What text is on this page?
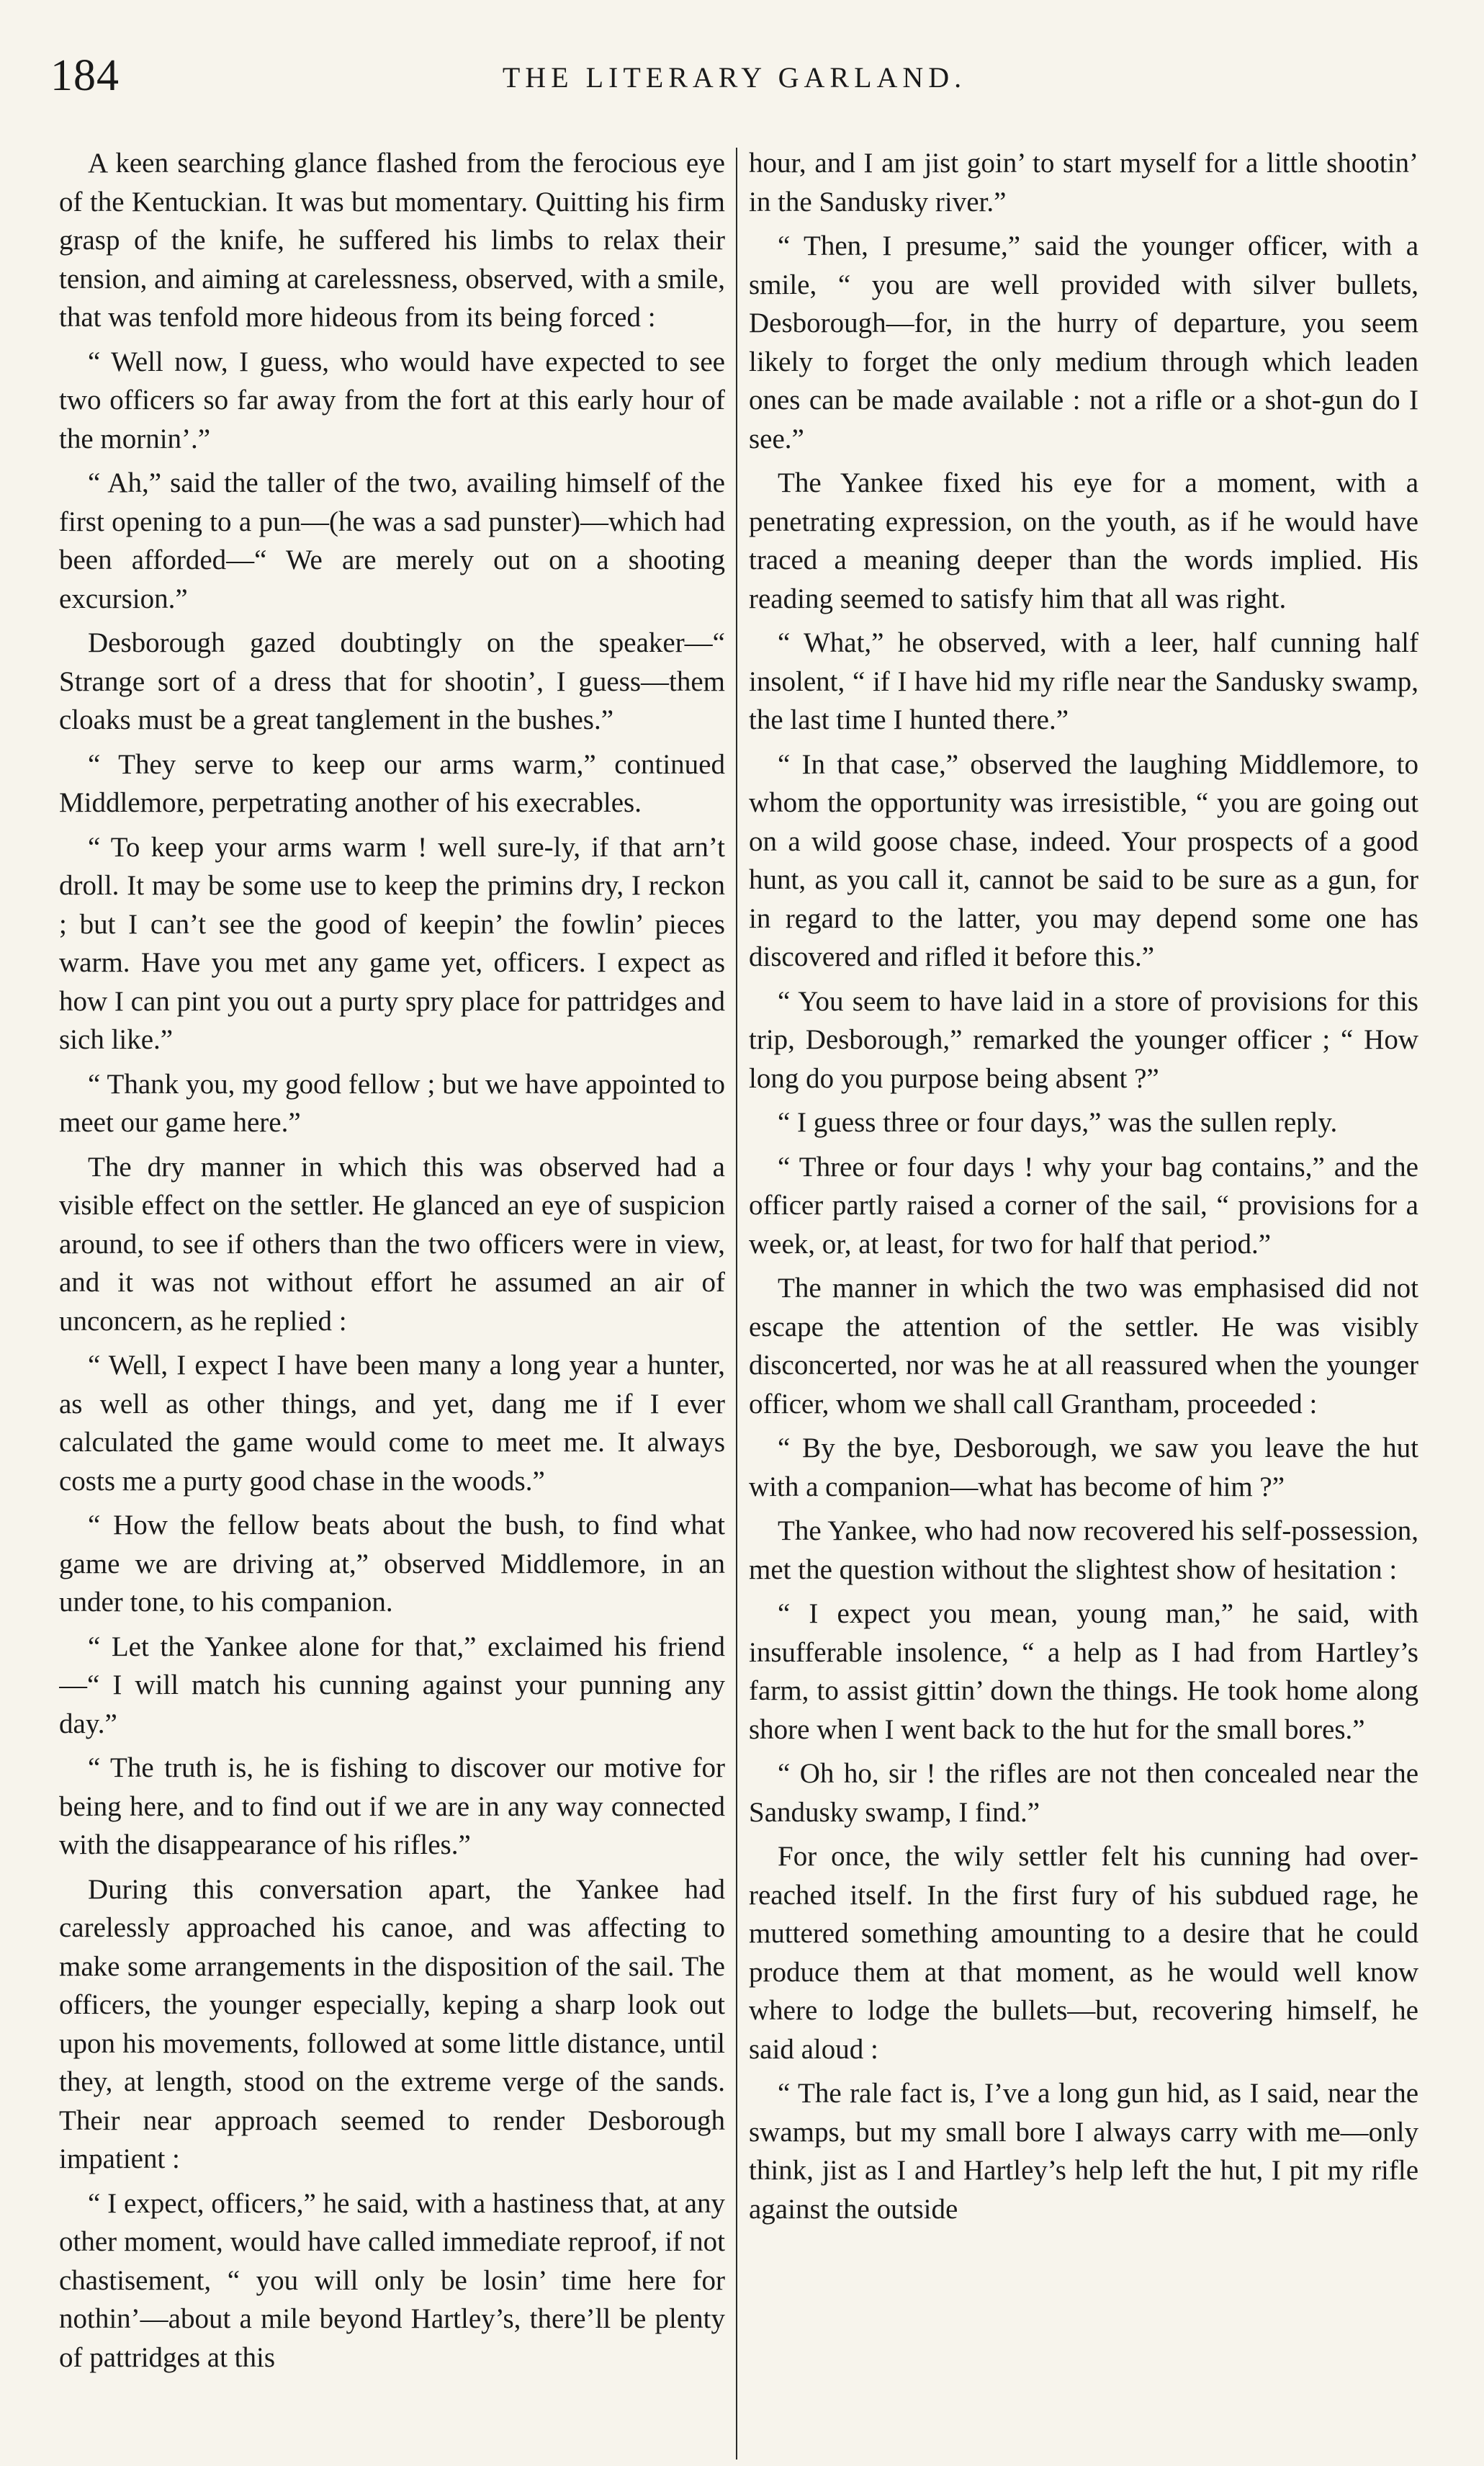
184	THE LITERARY GARLAND.

A keen searching glance flashed from the ferocious eye of the Kentuckian. It was but momentary. Quitting his firm grasp of the knife, he suffered his limbs to relax their tension, and aiming at carelessness, observed, with a smile, that was tenfold more hideous from its being forced :

“ Well now, I guess, who would have expected to see two officers so far away from the fort at this early hour of the mornin’.”

“ Ah,” said the taller of the two, availing himself of the first opening to a pun—(he was a sad punster)—which had been afforded—“ We are merely out on a shooting excursion.”

Desborough gazed doubtingly on the speaker—“ Strange sort of a dress that for shootin’, I guess—them cloaks must be a great tanglement in the bushes.”

“ They serve to keep our arms warm,” continued Middlemore, perpetrating another of his execrables.

“ To keep your arms warm ! well sure-ly, if that arn’t droll. It may be some use to keep the primins dry, I reckon ; but I can’t see the good of keepin’ the fowlin’ pieces warm. Have you met any game yet, officers. I expect as how I can pint you out a purty spry place for pattridges and sich like.”

“ Thank you, my good fellow ; but we have appointed to meet our game here.”

The dry manner in which this was observed had a visible effect on the settler. He glanced an eye of suspicion around, to see if others than the two officers were in view, and it was not without effort he assumed an air of unconcern, as he replied :

“ Well, I expect I have been many a long year a hunter, as well as other things, and yet, dang me if I ever calculated the game would come to meet me. It always costs me a purty good chase in the woods.”

“ How the fellow beats about the bush, to find what game we are driving at,” observed Middlemore, in an under tone, to his companion.

“ Let the Yankee alone for that,” exclaimed his friend—“ I will match his cunning against your punning any day.”

“ The truth is, he is fishing to discover our motive for being here, and to find out if we are in any way connected with the disappearance of his rifles.”

During this conversation apart, the Yankee had carelessly approached his canoe, and was affecting to make some arrangements in the disposition of the sail. The officers, the younger especially, keping a sharp look out upon his movements, followed at some little distance, until they, at length, stood on the extreme verge of the sands. Their near approach seemed to render Desborough impatient :

“ I expect, officers,” he said, with a hastiness that, at any other moment, would have called immediate reproof, if not chastisement, “ you will only be losin’ time here for nothin’—about a mile beyond Hartley’s, there’ll be plenty of pattridges at this

hour, and I am jist goin’ to start myself for a little shootin’ in the Sandusky river.”

“ Then, I presume,” said the younger officer, with a smile, “ you are well provided with silver bullets, Desborough—for, in the hurry of departure, you seem likely to forget the only medium through which leaden ones can be made available : not a rifle or a shot-gun do I see.”

The Yankee fixed his eye for a moment, with a penetrating expression, on the youth, as if he would have traced a meaning deeper than the words implied. His reading seemed to satisfy him that all was right.

“ What,” he observed, with a leer, half cunning half insolent, “ if I have hid my rifle near the Sandusky swamp, the last time I hunted there.”

“ In that case,” observed the laughing Middlemore, to whom the opportunity was irresistible, “ you are going out on a wild goose chase, indeed. Your prospects of a good hunt, as you call it, cannot be said to be sure as a gun, for in regard to the latter, you may depend some one has discovered and rifled it before this.”

“ You seem to have laid in a store of provisions for this trip, Desborough,” remarked the younger officer ; “ How long do you purpose being absent ?”

“ I guess three or four days,” was the sullen reply.

“ Three or four days ! why your bag contains,” and the officer partly raised a corner of the sail, “ provisions for a week, or, at least, for two for half that period.”

The manner in which the two was emphasised did not escape the attention of the settler. He was visibly disconcerted, nor was he at all reassured when the younger officer, whom we shall call Grantham, proceeded :

“ By the bye, Desborough, we saw you leave the hut with a companion—what has become of him ?”

The Yankee, who had now recovered his self-possession, met the question without the slightest show of hesitation :

“ I expect you mean, young man,” he said, with insufferable insolence, “ a help as I had from Hartley’s farm, to assist gittin’ down the things. He took home along shore when I went back to the hut for the small bores.”

“ Oh ho, sir ! the rifles are not then concealed near the Sandusky swamp, I find.”

For once, the wily settler felt his cunning had over-reached itself. In the first fury of his subdued rage, he muttered something amounting to a desire that he could produce them at that moment, as he would well know where to lodge the bullets—but, recovering himself, he said aloud :

“ The rale fact is, I’ve a long gun hid, as I said, near the swamps, but my small bore I always carry with me—only think, jist as I and Hartley’s help left the hut, I pit my rifle against the outside
